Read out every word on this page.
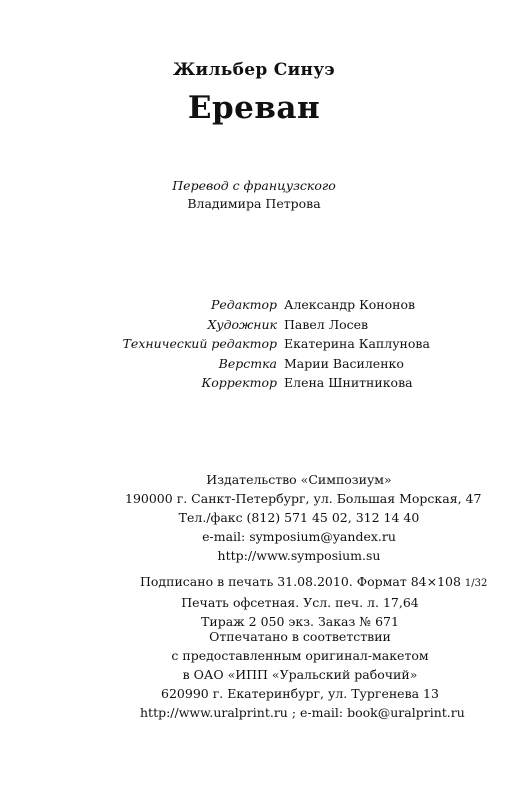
Жильбер Синуэ
Ереван
Перевод с французского
Владимира Петрова
Редактор Александр Кононов
Художник Павел Лосев
Технический редактор Екатерина Каплунова
Верстка Марии Василенко
Корректор Елена Шнитникова
Издательство «Симпозиум»
190000 г. Санкт-Петербург, ул. Большая Морская, 47
Тел./факс (812) 571 45 02, 312 14 40
e-mail: symposium@yandex.ru
http://www.symposium.su
Подписано в печать 31.08.2010. Формат 84×108 1/32
Печать офсетная. Усл. печ. л. 17,64
Тираж 2 050 экз. Заказ № 671
Отпечатано в соответствии
с предоставленным оригинал-макетом
в ОАО «ИПП «Уральский рабочий»
620990 г. Екатеринбург, ул. Тургенева 13
http://www.uralprint.ru ; e-mail: book@uralprint.ru
